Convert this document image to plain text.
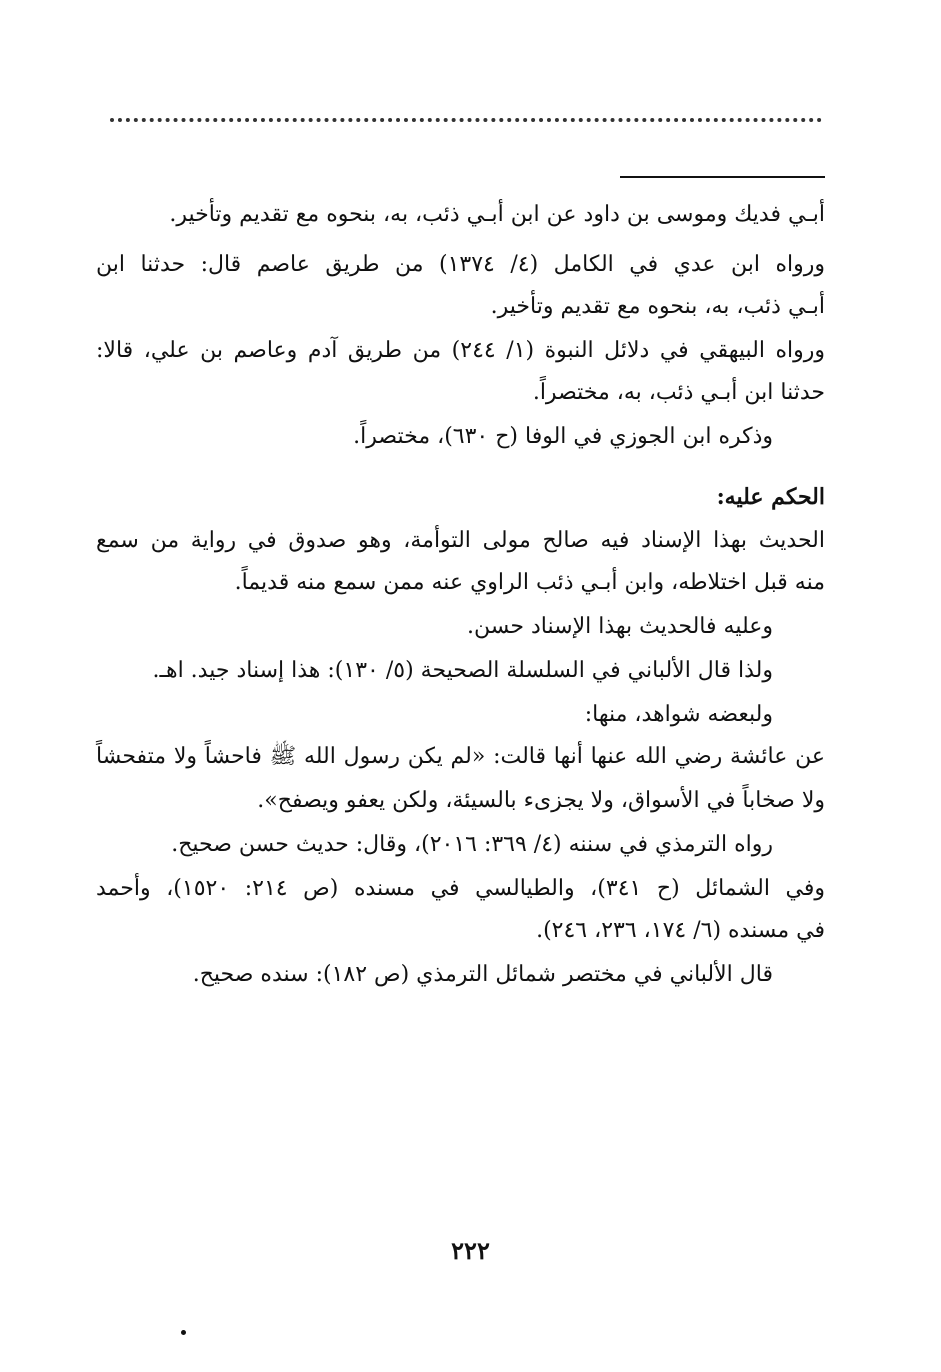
أبـي فديك وموسى بن داود عن ابن أبـي ذئب، به، بنحوه مع تقديم وتأخير.
ورواه ابن عدي في الكامل (٤/ ١٣٧٤) من طريق عاصم قال: حدثنا ابن
أبـي ذئب، به، بنحوه مع تقديم وتأخير.
ورواه البيهقي في دلائل النبوة (١/ ٢٤٤) من طريق آدم وعاصم بن علي، قالا:
حدثنا ابن أبـي ذئب، به، مختصراً.
وذكره ابن الجوزي في الوفا (ح ٦٣٠)، مختصراً.
الحكم عليه:
الحديث بهذا الإسناد فيه صالح مولى التوأمة، وهو صدوق في رواية من سمع
منه قبل اختلاطه، وابن أبـي ذئب الراوي عنه ممن سمع منه قديماً.
وعليه فالحديث بهذا الإسناد حسن.
ولذا قال الألباني في السلسلة الصحيحة (٥/ ١٣٠): هذا إسناد جيد. اهـ.
ولبعضه شواهد، منها:
عن عائشة رضي الله عنها أنها قالت: «لم يكن رسول الله ﷺ فاحشاً ولا متفحشاً
ولا صخاباً في الأسواق، ولا يجزىء بالسيئة، ولكن يعفو ويصفح».
رواه الترمذي في سننه (٤/ ٣٦٩: ٢٠١٦)، وقال: حديث حسن صحيح.
وفي الشمائل (ح ٣٤١)، والطيالسي في مسنده (ص ٢١٤: ١٥٢٠)، وأحمد
في مسنده (٦/ ١٧٤، ٢٣٦، ٢٤٦).
قال الألباني في مختصر شمائل الترمذي (ص ١٨٢): سنده صحيح.
٢٢٢
